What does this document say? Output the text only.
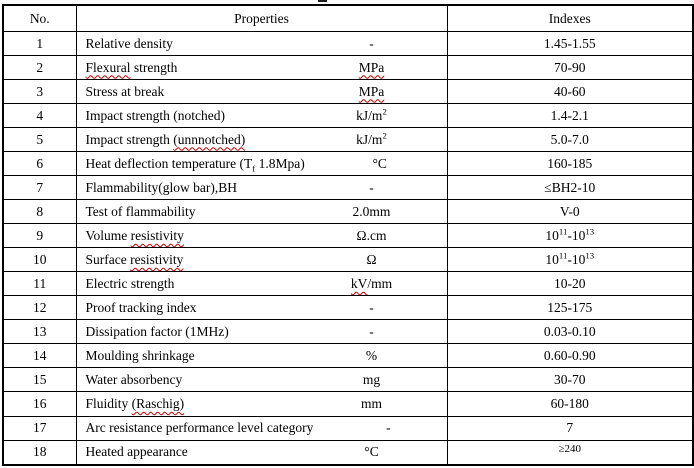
No.	Properties	Indexes
1	Relative density -	1.45-1.55
2	Flexural strength MPa	70-90
3	Stress at break MPa	40-60
4	Impact strength (notched) $kJ/m^2$	1.4-2.1
5	Impact strength (unnnotched) $kJ/m^2$	5.0-7.0
6	Heat deflection temperature ($T_f$ 1.8Mpa) °C	160-185
7	Flammability(glow bar),BH -	≤BH2-10
8	Test of flammability 2.0mm	V-0
9	Volume resistivity Ω.cm	$10^{11}-10^{13}$
10	Surface resistivity Ω	$10^{11}-10^{13}$
11	Electric strength kV/mm	10-20
12	Proof tracking index -	125-175
13	Dissipation factor (1MHz) -	0.03-0.10
14	Moulding shrinkage %	0.60-0.90
15	Water absorbency mg	30-70
16	Fluidity (Raschig) mm	60-180
17	Arc resistance performance level category -	7
18	Heated appearance °C	≥240
